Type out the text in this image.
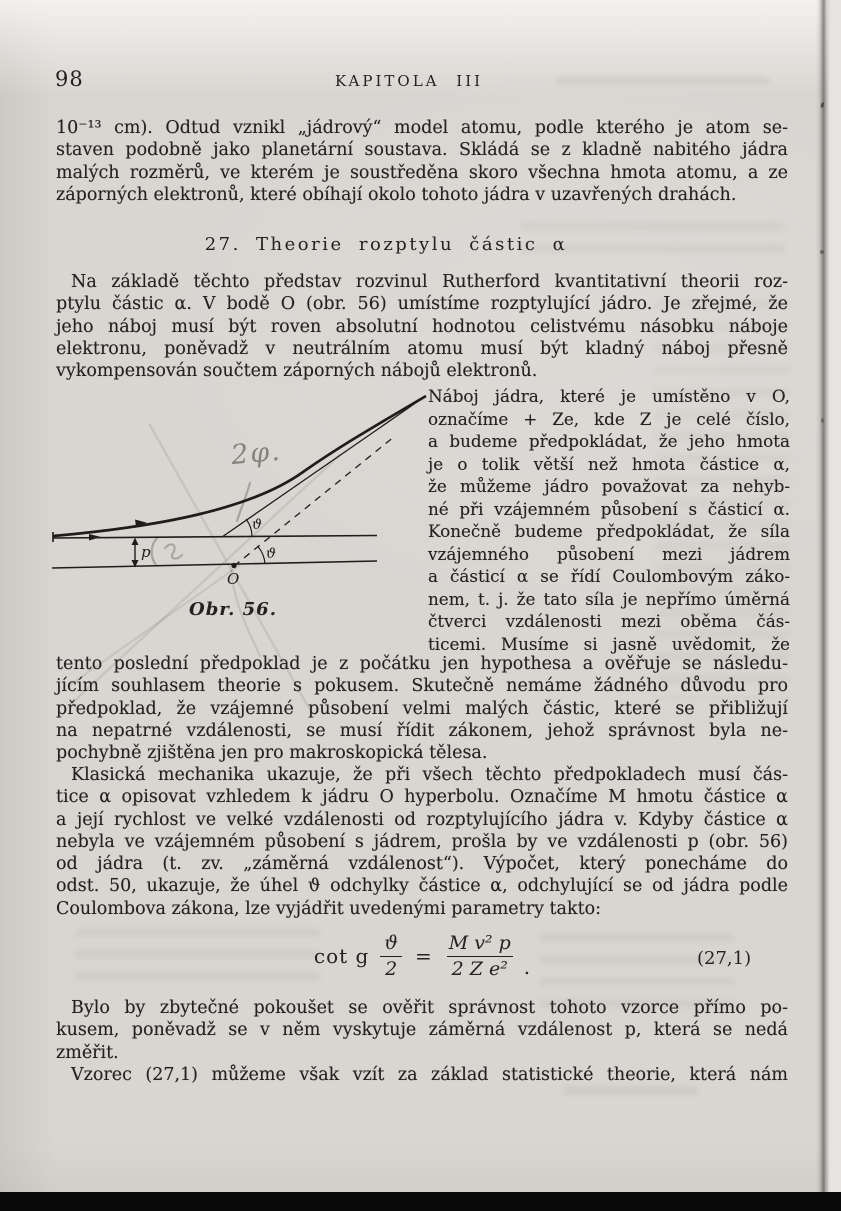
98	KAPITOLA III
10⁻¹³ cm). Odtud vznikl „jádrový“ model atomu, podle kterého je atom se-
staven podobně jako planetární soustava. Skládá se z kladně nabitého jádra
malých rozměrů, ve kterém je soustředěna skoro všechna hmota atomu, a ze
záporných elektronů, které obíhají okolo tohoto jádra v uzavřených drahách.
27. Theorie rozptylu částic α
Na základě těchto představ rozvinul Rutherford kvantitativní theorii roz-
ptylu částic α. V bodě O (obr. 56) umístíme rozptylující jádro. Je zřejmé, že
jeho náboj musí být roven absolutní hodnotou celistvému násobku náboje
elektronu, poněvadž v neutrálním atomu musí být kladný náboj přesně
vykompensován součtem záporných nábojů elektronů.
p
O
ϑ
ϑ
2φ.
Obr. 56.
Náboj jádra, které je umístěno v O,
označíme + Ze, kde Z je celé číslo,
a budeme předpokládat, že jeho hmota
je o tolik větší než hmota částice α,
že můžeme jádro považovat za nehyb-
né při vzájemném působení s částicí α.
Konečně budeme předpokládat, že síla
vzájemného působení mezi jádrem
a částicí α se řídí Coulombovým záko-
nem, t. j. že tato síla je nepřímo úměrná
čtverci vzdálenosti mezi oběma čás-
ticemi. Musíme si jasně uvědomit, že
tento poslední předpoklad je z počátku jen hypothesa a ověřuje se následu-
jícím souhlasem theorie s pokusem. Skutečně nemáme žádného důvodu pro
předpoklad, že vzájemné působení velmi malých částic, které se přibližují
na nepatrné vzdálenosti, se musí řídit zákonem, jehož správnost byla ne-
pochybně zjištěna jen pro makroskopická tělesa.
Klasická mechanika ukazuje, že při všech těchto předpokladech musí čás-
tice α opisovat vzhledem k jádru O hyperbolu. Označíme M hmotu částice α
a její rychlost ve velké vzdálenosti od rozptylujícího jádra v. Kdyby částice α
nebyla ve vzájemném působení s jádrem, prošla by ve vzdálenosti p (obr. 56)
od jádra (t. zv. „záměrná vzdálenost“). Výpočet, který ponecháme do
odst. 50, ukazuje, že úhel ϑ odchylky částice α, odchylující se od jádra podle
Coulombova zákona, lze vyjádřit uvedenými parametry takto:
cot g $\frac{ϑ}{2} = \frac{\text{M v² p}}{\text{2 Z e²}}$ .	(27,1)
Bylo by zbytečné pokoušet se ověřit správnost tohoto vzorce přímo po-
kusem, poněvadž se v něm vyskytuje záměrná vzdálenost p, která se nedá
změřit.
Vzorec (27,1) můžeme však vzít za základ statistické theorie, která nám
